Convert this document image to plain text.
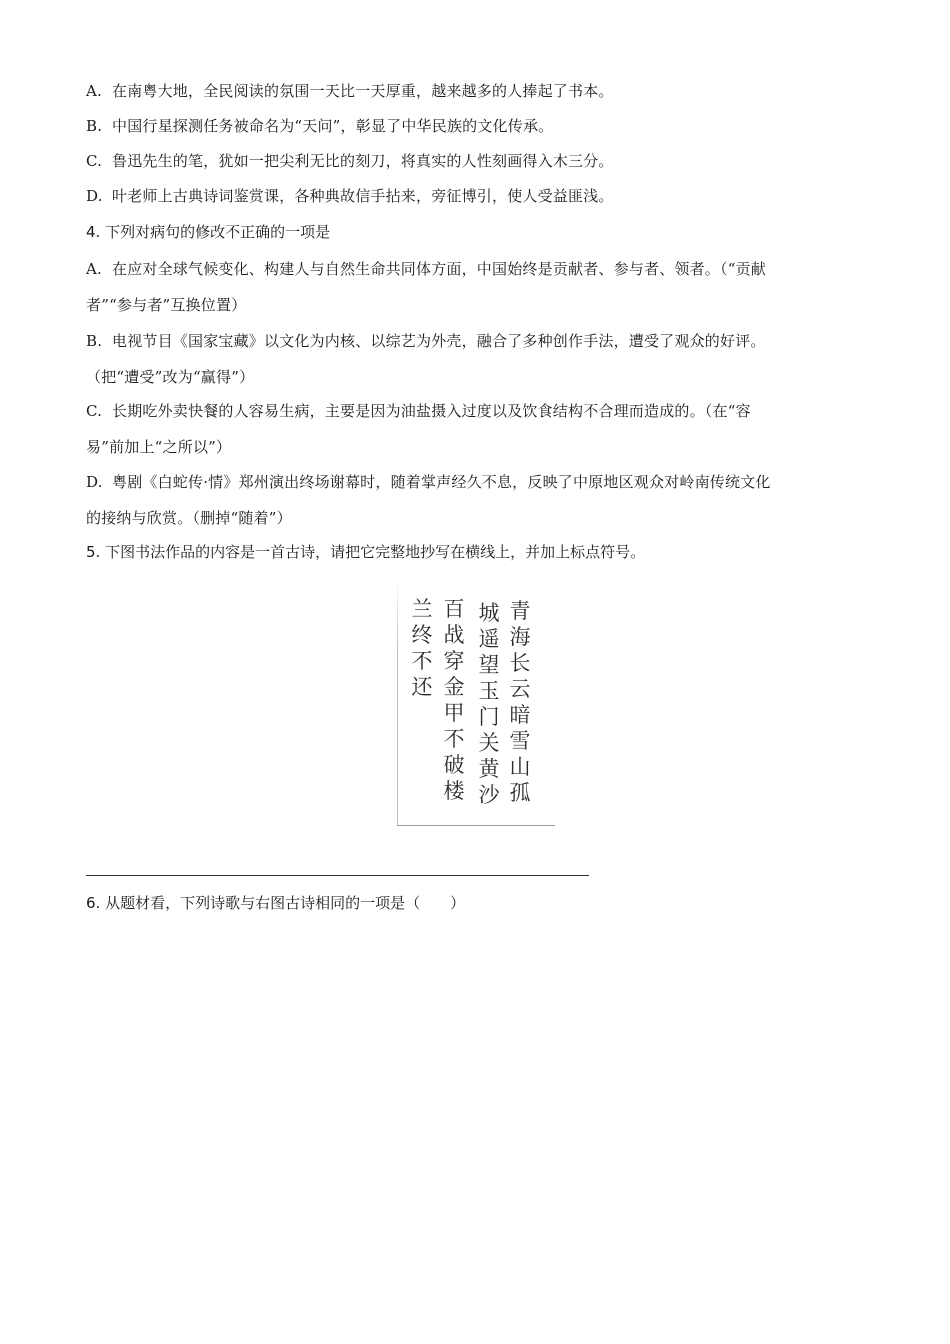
A. 在南粤大地，全民阅读的氛围一天比一天厚重，越来越多的人捧起了书本。
B. 中国行星探测任务被命名为“天问”，彰显了中华民族的文化传承。
C. 鲁迅先生的笔，犹如一把尖利无比的刻刀，将真实的人性刻画得入木三分。
D. 叶老师上古典诗词鉴赏课，各种典故信手拈来，旁征博引，使人受益匪浅。
4. 下列对病句的修改不正确的一项是
A. 在应对全球气候变化、构建人与自然生命共同体方面，中国始终是贡献者、参与者、领者。（“贡献
者”“参与者”互换位置）
B. 电视节目《国家宝藏》以文化为内核、以综艺为外壳，融合了多种创作手法，遭受了观众的好评。
（把“遭受”改为“赢得”）
C. 长期吃外卖快餐的人容易生病，主要是因为油盐摄入过度以及饮食结构不合理而造成的。（在“容
易”前加上“之所以”）
D. 粤剧《白蛇传·情》郑州演出终场谢幕时，随着掌声经久不息，反映了中原地区观众对岭南传统文化
的接纳与欣赏。（删掉“随着”）
5. 下图书法作品的内容是一首古诗，请把它完整地抄写在横线上，并加上标点符号。
青海长云暗雪山孤
城遥望玉门关黄沙
百战穿金甲不破楼
兰终不还
6. 从题材看，下列诗歌与右图古诗相同的一项是（　　）
